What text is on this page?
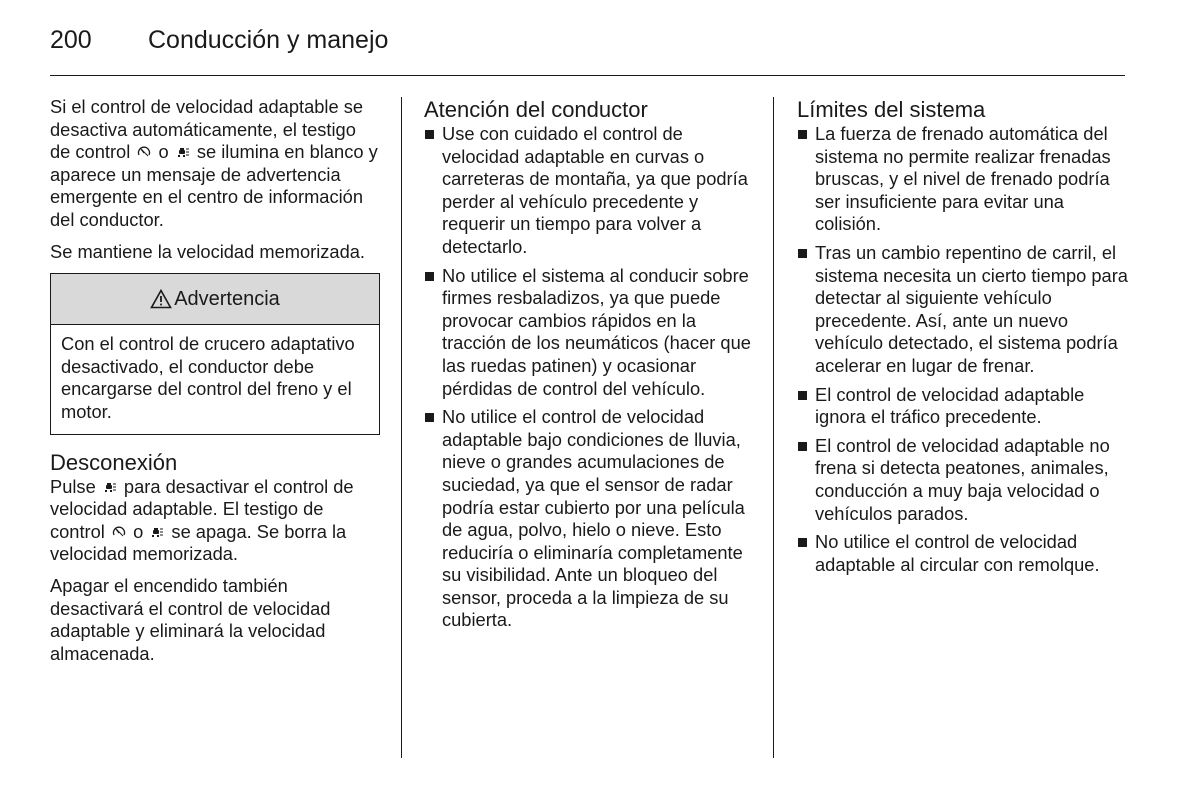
200 Conducción y manejo

Si el control de velocidad adaptable se desactiva automáticamente, el testigo de control o se ilumina en blanco y aparece un mensaje de advertencia emergente en el centro de información del conductor.

Se mantiene la velocidad memorizada.

Advertencia
Con el control de crucero adaptativo desactivado, el conductor debe encargarse del control del freno y el motor.
Desconexión

Pulse para desactivar el control de velocidad adaptable. El testigo de control o se apaga. Se borra la velocidad memorizada.

Apagar el encendido también desactivará el control de velocidad adaptable y eliminará la velocidad almacenada.

Atención del conductor
Use con cuidado el control de velocidad adaptable en curvas o carreteras de montaña, ya que podría perder al vehículo precedente y requerir un tiempo para volver a detectarlo.
No utilice el sistema al conducir sobre firmes resbaladizos, ya que puede provocar cambios rápidos en la tracción de los neumáticos (hacer que las ruedas patinen) y ocasionar pérdidas de control del vehículo.
No utilice el control de velocidad adaptable bajo condiciones de lluvia, nieve o grandes acumulaciones de suciedad, ya que el sensor de radar podría estar cubierto por una película de agua, polvo, hielo o nieve. Esto reduciría o eliminaría completamente su visibilidad. Ante un bloqueo del sensor, proceda a la limpieza de su cubierta.
Límites del sistema
La fuerza de frenado automática del sistema no permite realizar frenadas bruscas, y el nivel de frenado podría ser insuficiente para evitar una colisión.
Tras un cambio repentino de carril, el sistema necesita un cierto tiempo para detectar al siguiente vehículo precedente. Así, ante un nuevo vehículo detectado, el sistema podría acelerar en lugar de frenar.
El control de velocidad adaptable ignora el tráfico precedente.
El control de velocidad adaptable no frena si detecta peatones, animales, conducción a muy baja velocidad o vehículos parados.
No utilice el control de velocidad adaptable al circular con remolque.
